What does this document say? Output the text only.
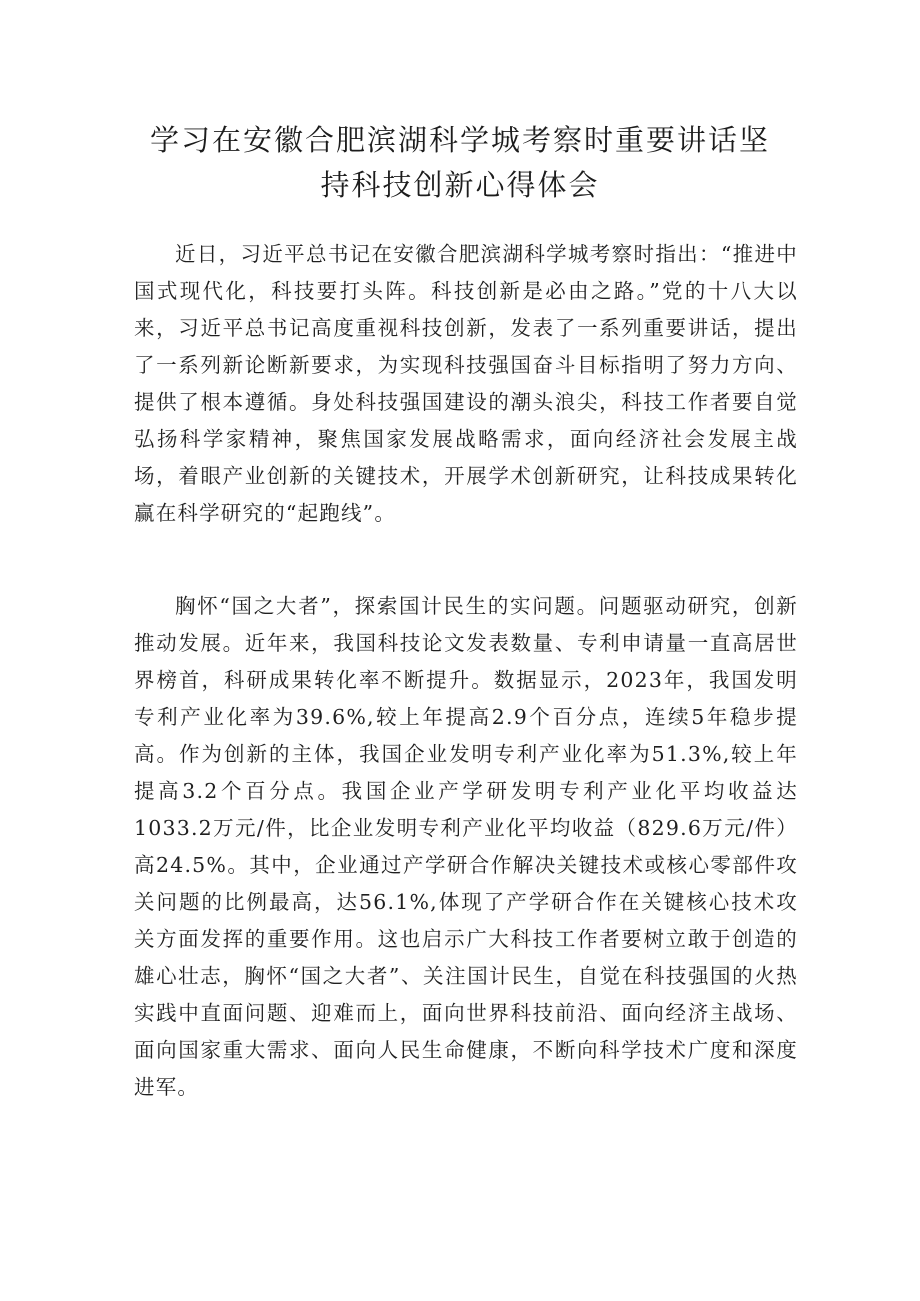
学习在安徽合肥滨湖科学城考察时重要讲话坚持科技创新心得体会

近日，习近平总书记在安徽合肥滨湖科学城考察时指出：“推进中国式现代化，科技要打头阵。科技创新是必由之路。”党的十八大以来，习近平总书记高度重视科技创新，发表了一系列重要讲话，提出了一系列新论断新要求，为实现科技强国奋斗目标指明了努力方向、提供了根本遵循。身处科技强国建设的潮头浪尖，科技工作者要自觉弘扬科学家精神，聚焦国家发展战略需求，面向经济社会发展主战场，着眼产业创新的关键技术，开展学术创新研究，让科技成果转化赢在科学研究的“起跑线”。

胸怀“国之大者”，探索国计民生的实问题。问题驱动研究，创新推动发展。近年来，我国科技论文发表数量、专利申请量一直高居世界榜首，科研成果转化率不断提升。数据显示，2023年，我国发明专利产业化率为39.6%,较上年提高2.9个百分点，连续5年稳步提高。作为创新的主体，我国企业发明专利产业化率为51.3%,较上年提高3.2个百分点。我国企业产学研发明专利产业化平均收益达1033.2万元/件，比企业发明专利产业化平均收益（829.6万元/件）高24.5%。其中，企业通过产学研合作解决关键技术或核心零部件攻关问题的比例最高，达56.1%,体现了产学研合作在关键核心技术攻关方面发挥的重要作用。这也启示广大科技工作者要树立敢于创造的雄心壮志，胸怀“国之大者”、关注国计民生，自觉在科技强国的火热实践中直面问题、迎难而上，面向世界科技前沿、面向经济主战场、面向国家重大需求、面向人民生命健康，不断向科学技术广度和深度进军。
